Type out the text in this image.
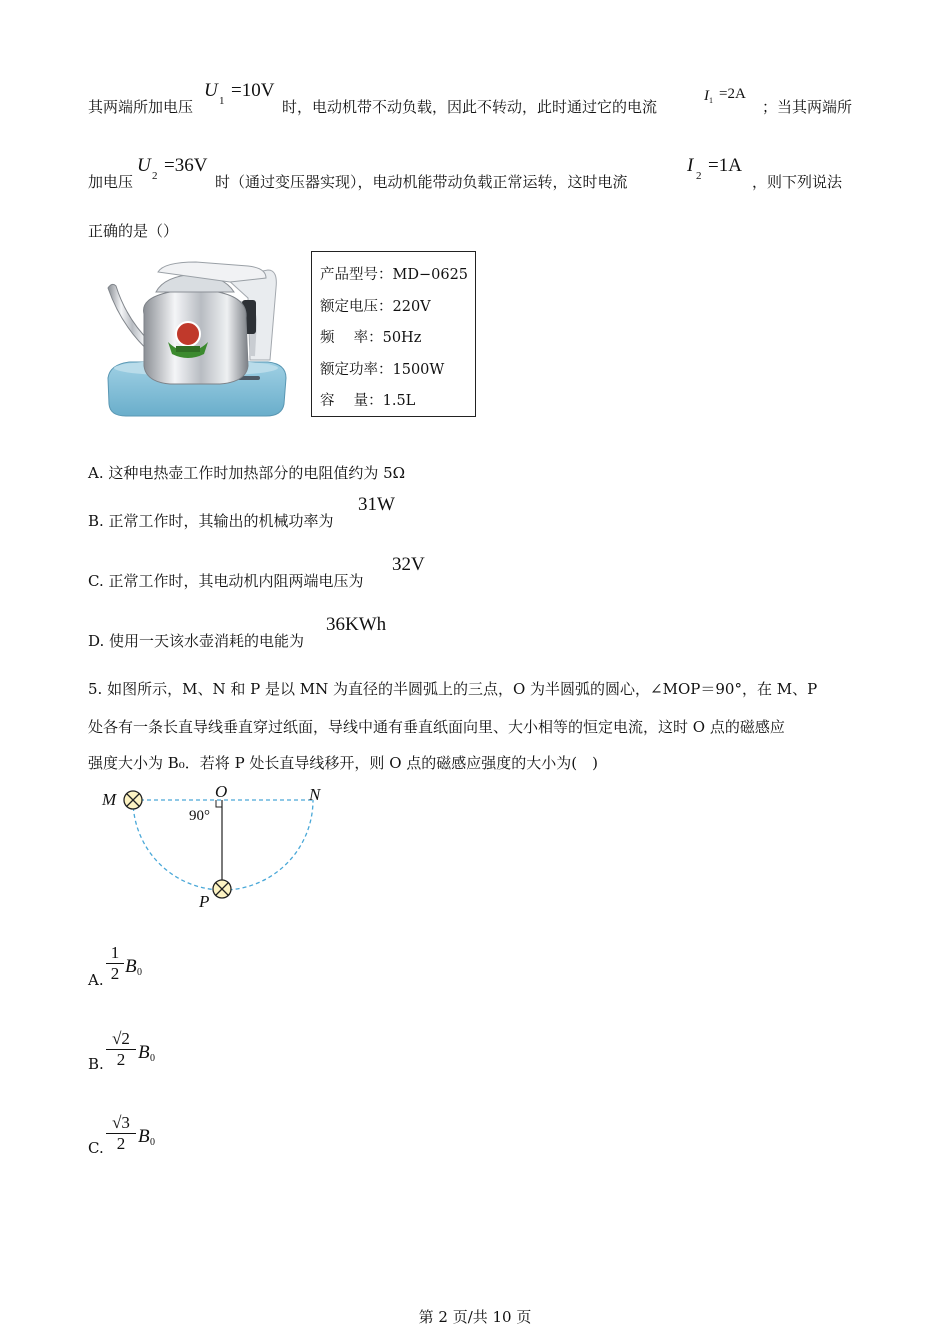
其两端所加电压
U 1 =10V
时，电动机带不动负载，因此不转动，此时通过它的电流
I 1 =2A
；当其两端所
加电压
U 2 =36V
时（通过变压器实现），电动机能带动负载正常运转，这时电流
I 2 =1A
，则下列说法
正确的是（）
产品型号：MD−0625
额定电压：220V
频　 率：50Hz
额定功率：1500W
容　 量：1.5L
A. 这种电热壶工作时加热部分的电阻值约为 5Ω
B. 正常工作时，其输出的机械功率为
31W
C. 正常工作时，其电动机内阻两端电压为
32V
D. 使用一天该水壶消耗的电能为
36KWh
5. 如图所示，M、N 和 P 是以 MN 为直径的半圆弧上的三点，O 为半圆弧的圆心，∠MOP＝90°，在 M、P
处各有一条长直导线垂直穿过纸面，导线中通有垂直纸面向里、大小相等的恒定电流，这时 O 点的磁感应
强度大小为 B₀．若将 P 处长直导线移开，则 O 点的磁感应强度的大小为(　)
M	O	N
P
90°
A. $\frac{1}{2}$ B 0
B. $\frac{√2}{2}$ B 0
C. $\frac{√3}{2}$ B 0
第 2 页/共 10 页
